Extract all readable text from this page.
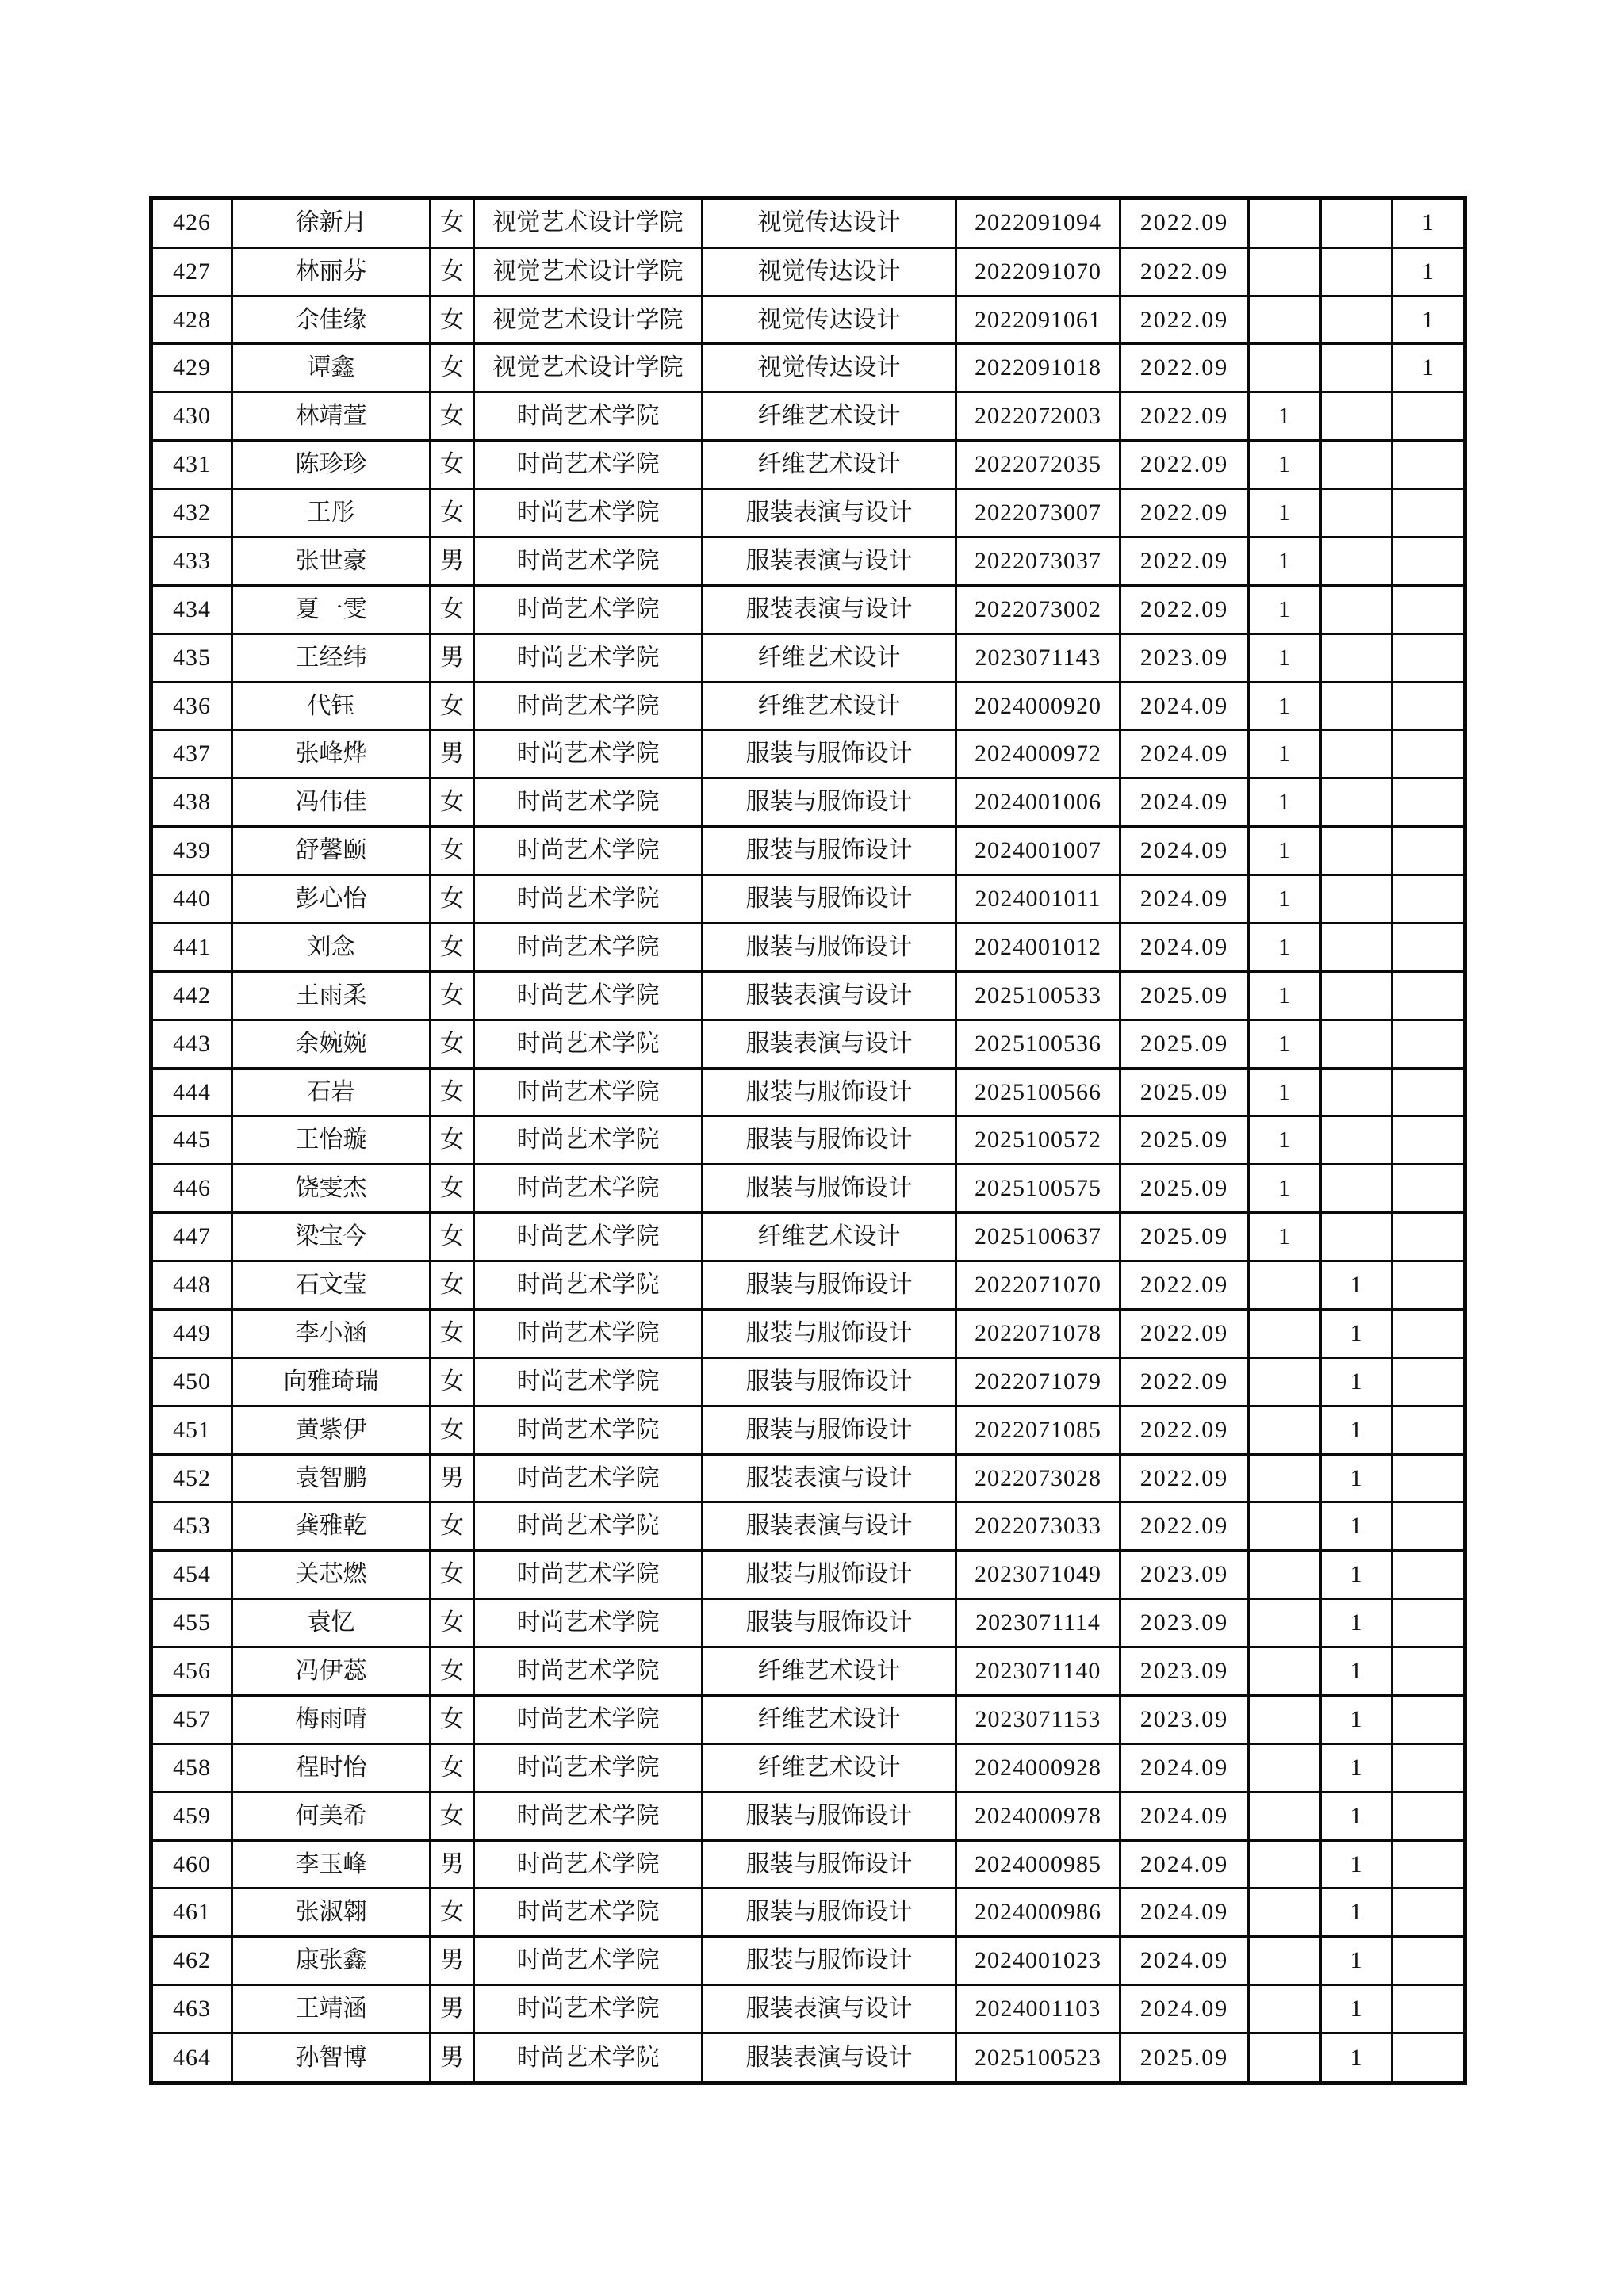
426	徐新月	女	视觉艺术设计学院	视觉传达设计	2022091094	2022.09			1
427	林丽芬	女	视觉艺术设计学院	视觉传达设计	2022091070	2022.09			1
428	余佳缘	女	视觉艺术设计学院	视觉传达设计	2022091061	2022.09			1
429	谭鑫	女	视觉艺术设计学院	视觉传达设计	2022091018	2022.09			1
430	林靖萱	女	时尚艺术学院	纤维艺术设计	2022072003	2022.09	1		
431	陈珍珍	女	时尚艺术学院	纤维艺术设计	2022072035	2022.09	1		
432	王彤	女	时尚艺术学院	服装表演与设计	2022073007	2022.09	1		
433	张世豪	男	时尚艺术学院	服装表演与设计	2022073037	2022.09	1		
434	夏一雯	女	时尚艺术学院	服装表演与设计	2022073002	2022.09	1		
435	王经纬	男	时尚艺术学院	纤维艺术设计	2023071143	2023.09	1		
436	代钰	女	时尚艺术学院	纤维艺术设计	2024000920	2024.09	1		
437	张峰烨	男	时尚艺术学院	服装与服饰设计	2024000972	2024.09	1		
438	冯伟佳	女	时尚艺术学院	服装与服饰设计	2024001006	2024.09	1		
439	舒馨颐	女	时尚艺术学院	服装与服饰设计	2024001007	2024.09	1		
440	彭心怡	女	时尚艺术学院	服装与服饰设计	2024001011	2024.09	1		
441	刘念	女	时尚艺术学院	服装与服饰设计	2024001012	2024.09	1		
442	王雨柔	女	时尚艺术学院	服装表演与设计	2025100533	2025.09	1		
443	余婉婉	女	时尚艺术学院	服装表演与设计	2025100536	2025.09	1		
444	石岩	女	时尚艺术学院	服装与服饰设计	2025100566	2025.09	1		
445	王怡璇	女	时尚艺术学院	服装与服饰设计	2025100572	2025.09	1		
446	饶雯杰	女	时尚艺术学院	服装与服饰设计	2025100575	2025.09	1		
447	梁宝今	女	时尚艺术学院	纤维艺术设计	2025100637	2025.09	1		
448	石文莹	女	时尚艺术学院	服装与服饰设计	2022071070	2022.09		1	
449	李小涵	女	时尚艺术学院	服装与服饰设计	2022071078	2022.09		1	
450	向雅琦瑞	女	时尚艺术学院	服装与服饰设计	2022071079	2022.09		1	
451	黄紫伊	女	时尚艺术学院	服装与服饰设计	2022071085	2022.09		1	
452	袁智鹏	男	时尚艺术学院	服装表演与设计	2022073028	2022.09		1	
453	龚雅乾	女	时尚艺术学院	服装表演与设计	2022073033	2022.09		1	
454	关芯燃	女	时尚艺术学院	服装与服饰设计	2023071049	2023.09		1	
455	袁忆	女	时尚艺术学院	服装与服饰设计	2023071114	2023.09		1	
456	冯伊蕊	女	时尚艺术学院	纤维艺术设计	2023071140	2023.09		1	
457	梅雨晴	女	时尚艺术学院	纤维艺术设计	2023071153	2023.09		1	
458	程时怡	女	时尚艺术学院	纤维艺术设计	2024000928	2024.09		1	
459	何美希	女	时尚艺术学院	服装与服饰设计	2024000978	2024.09		1	
460	李玉峰	男	时尚艺术学院	服装与服饰设计	2024000985	2024.09		1	
461	张淑翱	女	时尚艺术学院	服装与服饰设计	2024000986	2024.09		1	
462	康张鑫	男	时尚艺术学院	服装与服饰设计	2024001023	2024.09		1	
463	王靖涵	男	时尚艺术学院	服装表演与设计	2024001103	2024.09		1	
464	孙智博	男	时尚艺术学院	服装表演与设计	2025100523	2025.09		1	
